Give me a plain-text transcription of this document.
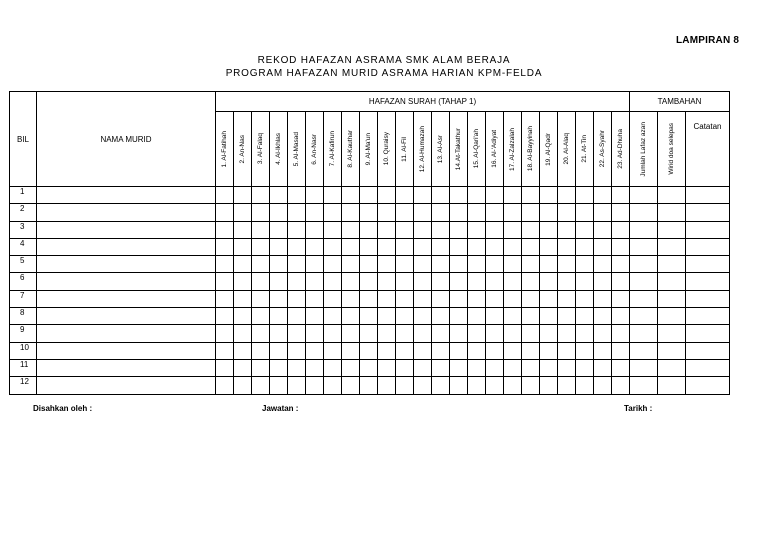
LAMPIRAN 8
REKOD HAFAZAN ASRAMA SMK ALAM BERAJA
PROGRAM HAFAZAN MURID ASRAMA HARIAN KPM-FELDA
BIL	NAMA MURID	HAFAZAN SURAH (TAHAP 1)																							TAMBAHAN		

		1. Al-Fatihah	2. An-Nas	3. Al-Falaq	4. Al-Ikhlas	5. Al-Masad	6. An-Nasr	7. Al-Kafirun	8. Al-Kauthar	9. Al-Ma'un	10. Quraisy	11. Al-Fil	12. Al-Humazah	13. Al-Asr	14.At-Takathur	15. Al-Qari'ah	16. Al-'Adiyat	17. Al-Zalzalah	18. Al-Bayyinah	19. Al-Qadr	20. Al-Alaq	21. At-Tin	22. As-Syahr	23. Ad-Dhuha	Jumlah Lafaz azan	Wirid doa selepas	Catatan
1																											
2																											
3																											
4																											
5																											
6																											
7																											
8																											
9																											
10																											
11																											
12																											
Disahkan oleh :	Jawatan :	Tarikh :
